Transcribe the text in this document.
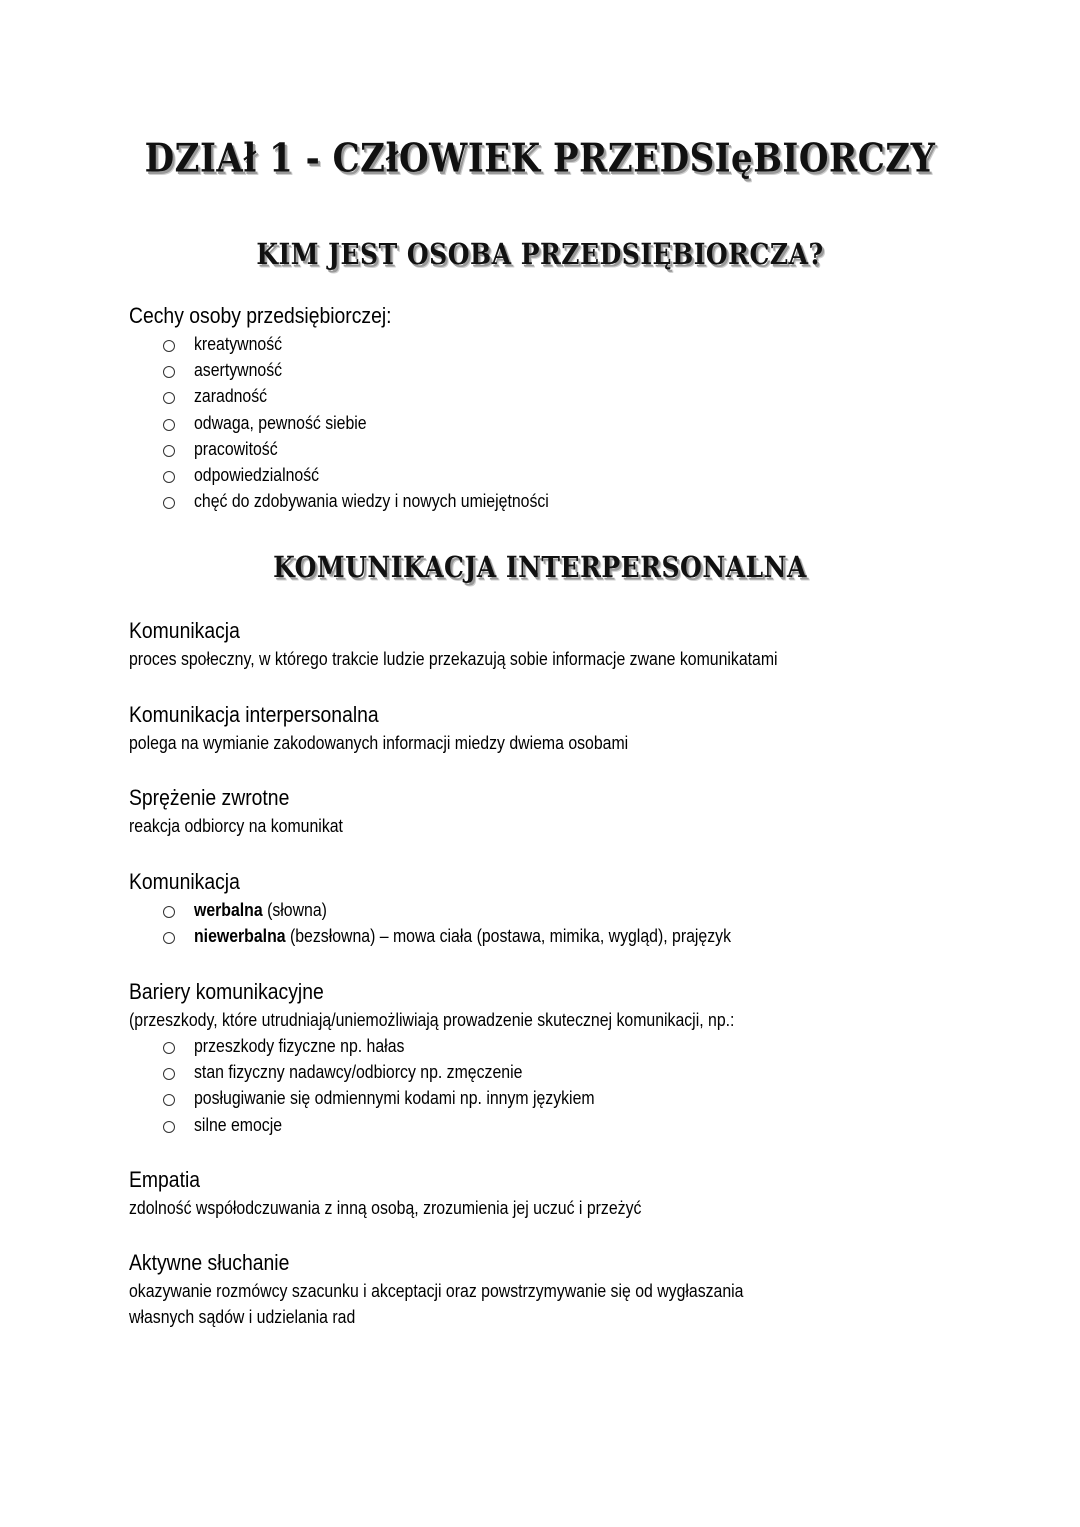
DZIAł 1 - CZłOWIEK PRZEDSIęBIORCZY
KIM JEST OSOBA PRZEDSIĘBIORCZA?
Cechy osoby przedsiębiorczej:
kreatywność
asertywność
zaradność
odwaga, pewność siebie
pracowitość
odpowiedzialność
chęć do zdobywania wiedzy i nowych umiejętności
KOMUNIKACJA INTERPERSONALNA
Komunikacja
proces społeczny, w którego trakcie ludzie przekazują sobie informacje zwane komunikatami
Komunikacja interpersonalna
polega na wymianie zakodowanych informacji miedzy dwiema osobami
Sprężenie zwrotne
reakcja odbiorcy na komunikat
Komunikacja
werbalna (słowna)
niewerbalna (bezsłowna) – mowa ciała (postawa, mimika, wygląd), prajęzyk
Bariery komunikacyjne
(przeszkody, które utrudniają/uniemożliwiają prowadzenie skutecznej komunikacji, np.:
przeszkody fizyczne np. hałas
stan fizyczny nadawcy/odbiorcy np. zmęczenie
posługiwanie się odmiennymi kodami np. innym językiem
silne emocje
Empatia
zdolność współodczuwania z inną osobą, zrozumienia jej uczuć i przeżyć
Aktywne słuchanie
okazywanie rozmówcy szacunku i akceptacji oraz powstrzymywanie się od wygłaszania
własnych sądów i udzielania rad
